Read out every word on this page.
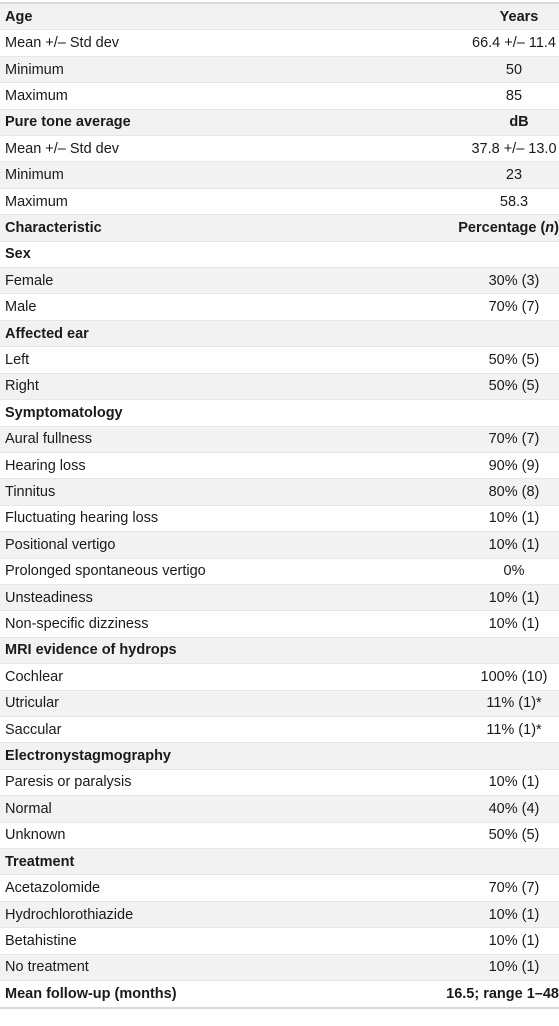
Age	Years
Mean +/– Std dev	66.4 +/– 11.4
Minimum	50
Maximum	85
Pure tone average	dB
Mean +/– Std dev	37.8 +/– 13.0
Minimum	23
Maximum	58.3
Characteristic	Percentage (n)
Sex
Female	30% (3)
Male	70% (7)
Affected ear
Left	50% (5)
Right	50% (5)
Symptomatology
Aural fullness	70% (7)
Hearing loss	90% (9)
Tinnitus	80% (8)
Fluctuating hearing loss	10% (1)
Positional vertigo	10% (1)
Prolonged spontaneous vertigo	0%
Unsteadiness	10% (1)
Non-specific dizziness	10% (1)
MRI evidence of hydrops
Cochlear	100% (10)
Utricular	11% (1)*
Saccular	11% (1)*
Electronystagmography
Paresis or paralysis	10% (1)
Normal	40% (4)
Unknown	50% (5)
Treatment
Acetazolomide	70% (7)
Hydrochlorothiazide	10% (1)
Betahistine	10% (1)
No treatment	10% (1)
Mean follow-up (months)	16.5; range 1–48
